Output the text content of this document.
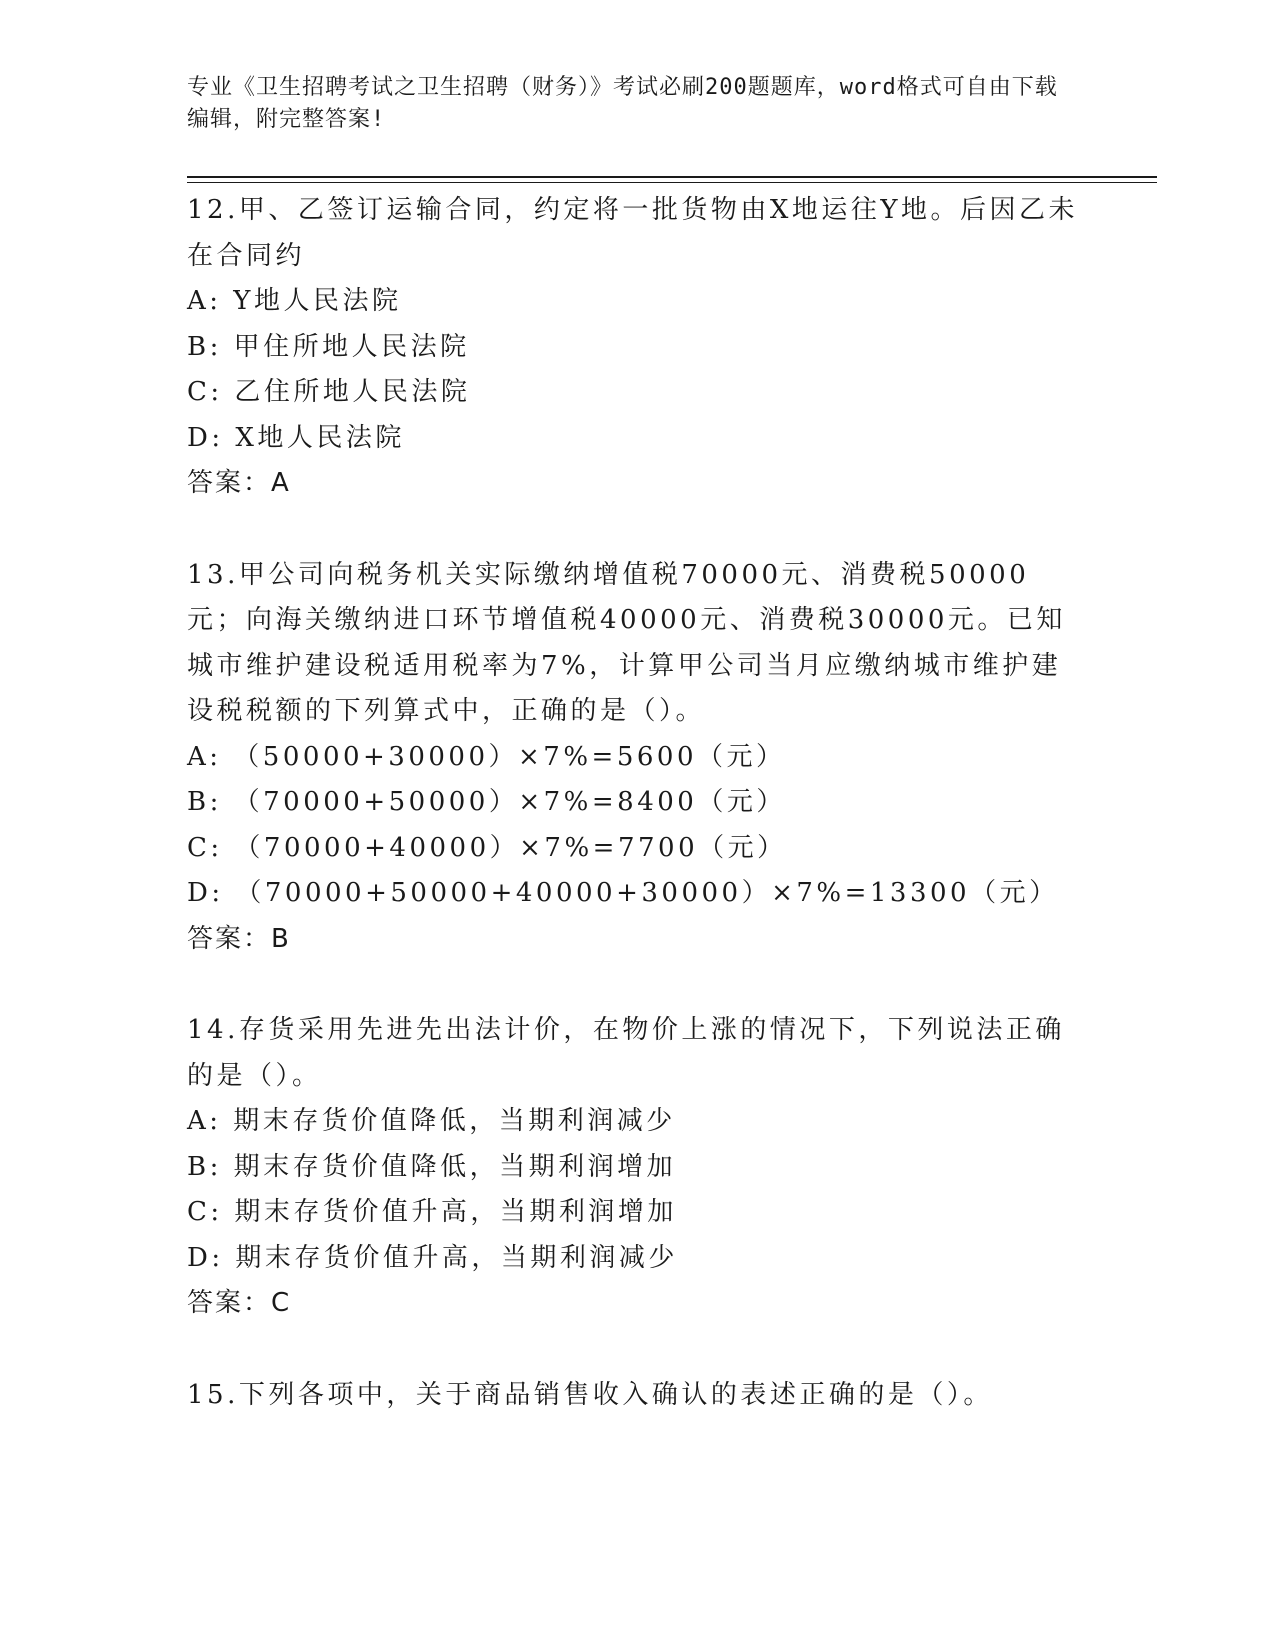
专业《卫生招聘考试之卫生招聘（财务）》考试必刷200题题库，word格式可自由下载编辑，附完整答案!
12.甲、乙签订运输合同，约定将一批货物由X地运往Y地。后因乙未在合同约
A: Y地人民法院
B: 甲住所地人民法院
C: 乙住所地人民法院
D: X地人民法院
答案：A
13.甲公司向税务机关实际缴纳增值税70000元、消费税50000元；向海关缴纳进口环节增值税40000元、消费税30000元。已知城市维护建设税适用税率为7%，计算甲公司当月应缴纳城市维护建设税税额的下列算式中，正确的是（）。
A: （50000+30000）×7%=5600（元）
B: （70000+50000）×7%=8400（元）
C: （70000+40000）×7%=7700（元）
D: （70000+50000+40000+30000）×7%=13300（元）
答案：B
14.存货采用先进先出法计价，在物价上涨的情况下，下列说法正确的是（）。
A: 期末存货价值降低，当期利润减少
B: 期末存货价值降低，当期利润增加
C: 期末存货价值升高，当期利润增加
D: 期末存货价值升高，当期利润减少
答案：C
15.下列各项中，关于商品销售收入确认的表述正确的是（）。
